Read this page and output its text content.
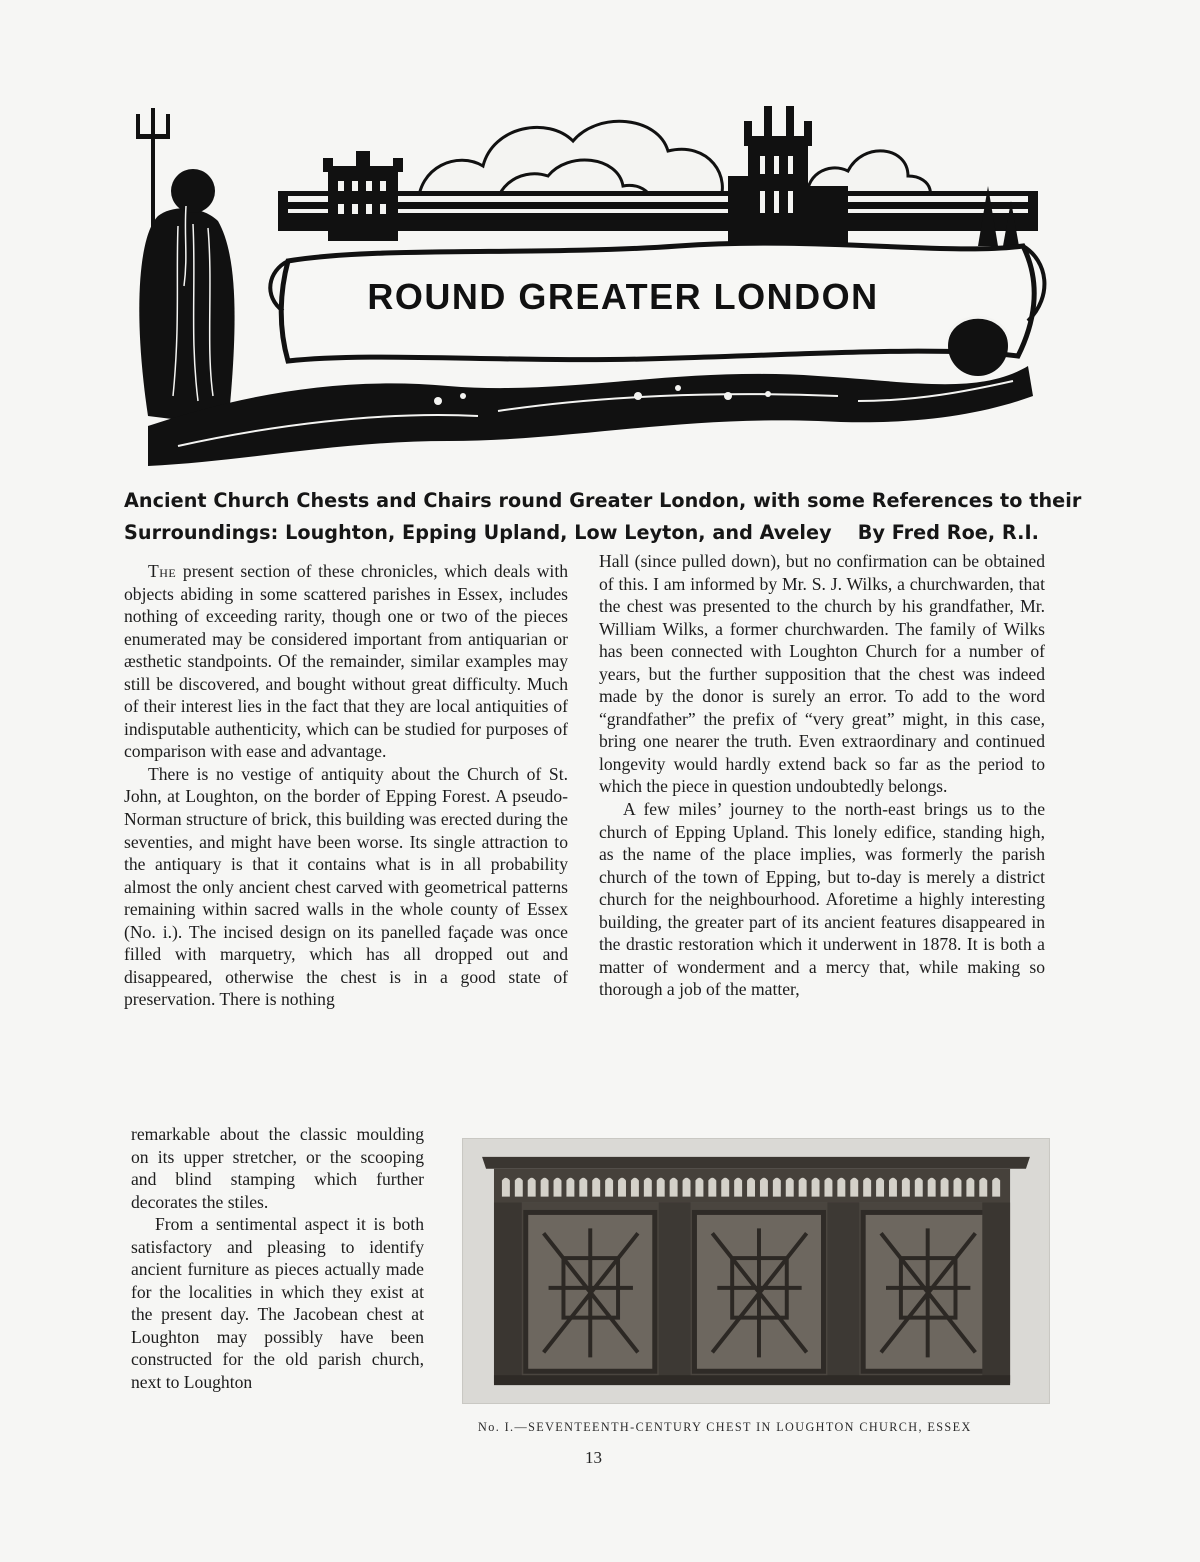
ROUND GREATER LONDON
Ancient Church Chests and Chairs round Greater London, with some References to their
Surroundings: Loughton, Epping Upland, Low Leyton, and Aveley By Fred Roe, R.I.

The present section of these chronicles, which deals with objects abiding in some scattered parishes in Essex, includes nothing of exceeding rarity, though one or two of the pieces enumerated may be considered important from antiquarian or æsthetic standpoints. Of the remainder, similar examples may still be discovered, and bought without great difficulty. Much of their interest lies in the fact that they are local antiquities of indisputable authenticity, which can be studied for purposes of comparison with ease and advantage.

There is no vestige of antiquity about the Church of St. John, at Loughton, on the border of Epping Forest. A pseudo-Norman structure of brick, this building was erected during the seventies, and might have been worse. Its single attraction to the antiquary is that it contains what is in all probability almost the only ancient chest carved with geometrical patterns remaining within sacred walls in the whole county of Essex (No. i.). The incised design on its panelled façade was once filled with marquetry, which has all dropped out and disappeared, otherwise the chest is in a good state of preservation. There is nothing

remarkable about the classic moulding on its upper stretcher, or the scooping and blind stamping which further decorates the stiles.

From a sentimental aspect it is both satisfactory and pleasing to identify ancient furniture as pieces actually made for the localities in which they exist at the present day. The Jacobean chest at Loughton may possibly have been constructed for the old parish church, next to Loughton

Hall (since pulled down), but no confirmation can be obtained of this. I am informed by Mr. S. J. Wilks, a churchwarden, that the chest was presented to the church by his grandfather, Mr. William Wilks, a former churchwarden. The family of Wilks has been connected with Loughton Church for a number of years, but the further supposition that the chest was indeed made by the donor is surely an error. To add to the word “grandfather” the prefix of “very great” might, in this case, bring one nearer the truth. Even extraordinary and continued longevity would hardly extend back so far as the period to which the piece in question undoubtedly belongs.

A few miles’ journey to the north-east brings us to the church of Epping Upland. This lonely edifice, standing high, as the name of the place implies, was formerly the parish church of the town of Epping, but to-day is merely a district church for the neighbourhood. Aforetime a highly interesting building, the greater part of its ancient features disappeared in the drastic restoration which it underwent in 1878. It is both a matter of wonderment and a mercy that, while making so thorough a job of the matter,

No. I.—SEVENTEENTH-CENTURY CHEST IN LOUGHTON CHURCH, ESSEX
13
